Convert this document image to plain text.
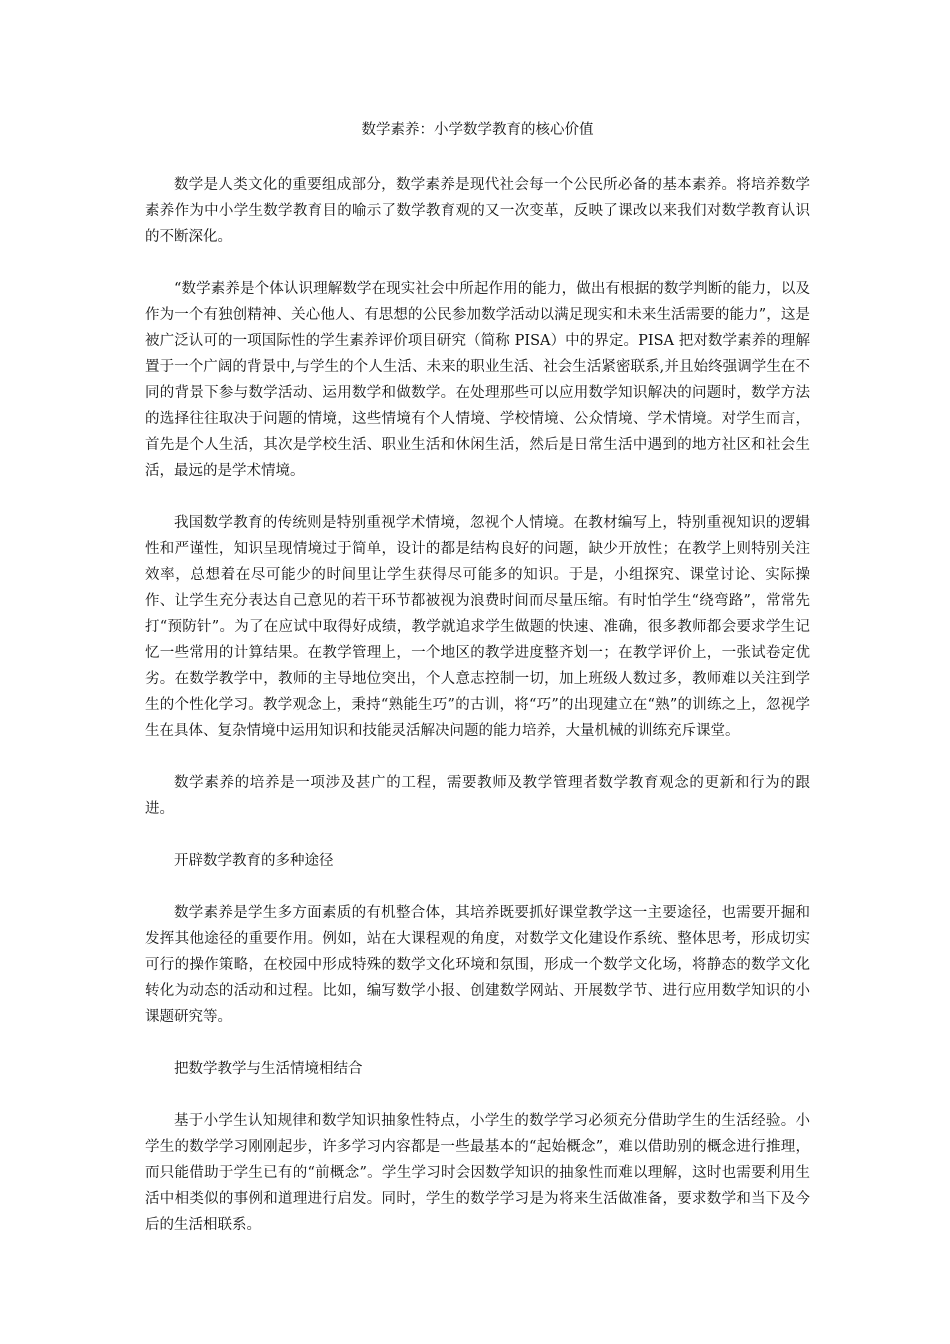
数学素养：小学数学教育的核心价值

数学是人类文化的重要组成部分，数学素养是现代社会每一个公民所必备的基本素养。将培养数学素养作为中小学生数学教育目的喻示了数学教育观的又一次变革，反映了课改以来我们对数学教育认识的不断深化。

“数学素养是个体认识理解数学在现实社会中所起作用的能力，做出有根据的数学判断的能力，以及作为一个有独创精神、关心他人、有思想的公民参加数学活动以满足现实和未来生活需要的能力”，这是被广泛认可的一项国际性的学生素养评价项目研究（简称 PISA）中的界定。PISA 把对数学素养的理解置于一个广阔的背景中,与学生的个人生活、未来的职业生活、社会生活紧密联系,并且始终强调学生在不同的背景下参与数学活动、运用数学和做数学。在处理那些可以应用数学知识解决的问题时，数学方法的选择往往取决于问题的情境，这些情境有个人情境、学校情境、公众情境、学术情境。对学生而言，首先是个人生活，其次是学校生活、职业生活和休闲生活，然后是日常生活中遇到的地方社区和社会生活，最远的是学术情境。

我国数学教育的传统则是特别重视学术情境，忽视个人情境。在教材编写上，特别重视知识的逻辑性和严谨性，知识呈现情境过于简单，设计的都是结构良好的问题，缺少开放性；在教学上则特别关注效率，总想着在尽可能少的时间里让学生获得尽可能多的知识。于是，小组探究、课堂讨论、实际操作、让学生充分表达自己意见的若干环节都被视为浪费时间而尽量压缩。有时怕学生“绕弯路”，常常先打“预防针”。为了在应试中取得好成绩，教学就追求学生做题的快速、准确，很多教师都会要求学生记忆一些常用的计算结果。在教学管理上，一个地区的教学进度整齐划一；在教学评价上，一张试卷定优劣。在数学教学中，教师的主导地位突出，个人意志控制一切，加上班级人数过多，教师难以关注到学生的个性化学习。教学观念上，秉持“熟能生巧”的古训，将“巧”的出现建立在“熟”的训练之上，忽视学生在具体、复杂情境中运用知识和技能灵活解决问题的能力培养，大量机械的训练充斥课堂。

数学素养的培养是一项涉及甚广的工程，需要教师及教学管理者数学教育观念的更新和行为的跟进。

开辟数学教育的多种途径

数学素养是学生多方面素质的有机整合体，其培养既要抓好课堂教学这一主要途径，也需要开掘和发挥其他途径的重要作用。例如，站在大课程观的角度，对数学文化建设作系统、整体思考，形成切实可行的操作策略，在校园中形成特殊的数学文化环境和氛围，形成一个数学文化场，将静态的数学文化转化为动态的活动和过程。比如，编写数学小报、创建数学网站、开展数学节、进行应用数学知识的小课题研究等。

把数学教学与生活情境相结合

基于小学生认知规律和数学知识抽象性特点，小学生的数学学习必须充分借助学生的生活经验。小学生的数学学习刚刚起步，许多学习内容都是一些最基本的“起始概念”，难以借助别的概念进行推理，而只能借助于学生已有的“前概念”。学生学习时会因数学知识的抽象性而难以理解，这时也需要利用生活中相类似的事例和道理进行启发。同时，学生的数学学习是为将来生活做准备，要求数学和当下及今后的生活相联系。
